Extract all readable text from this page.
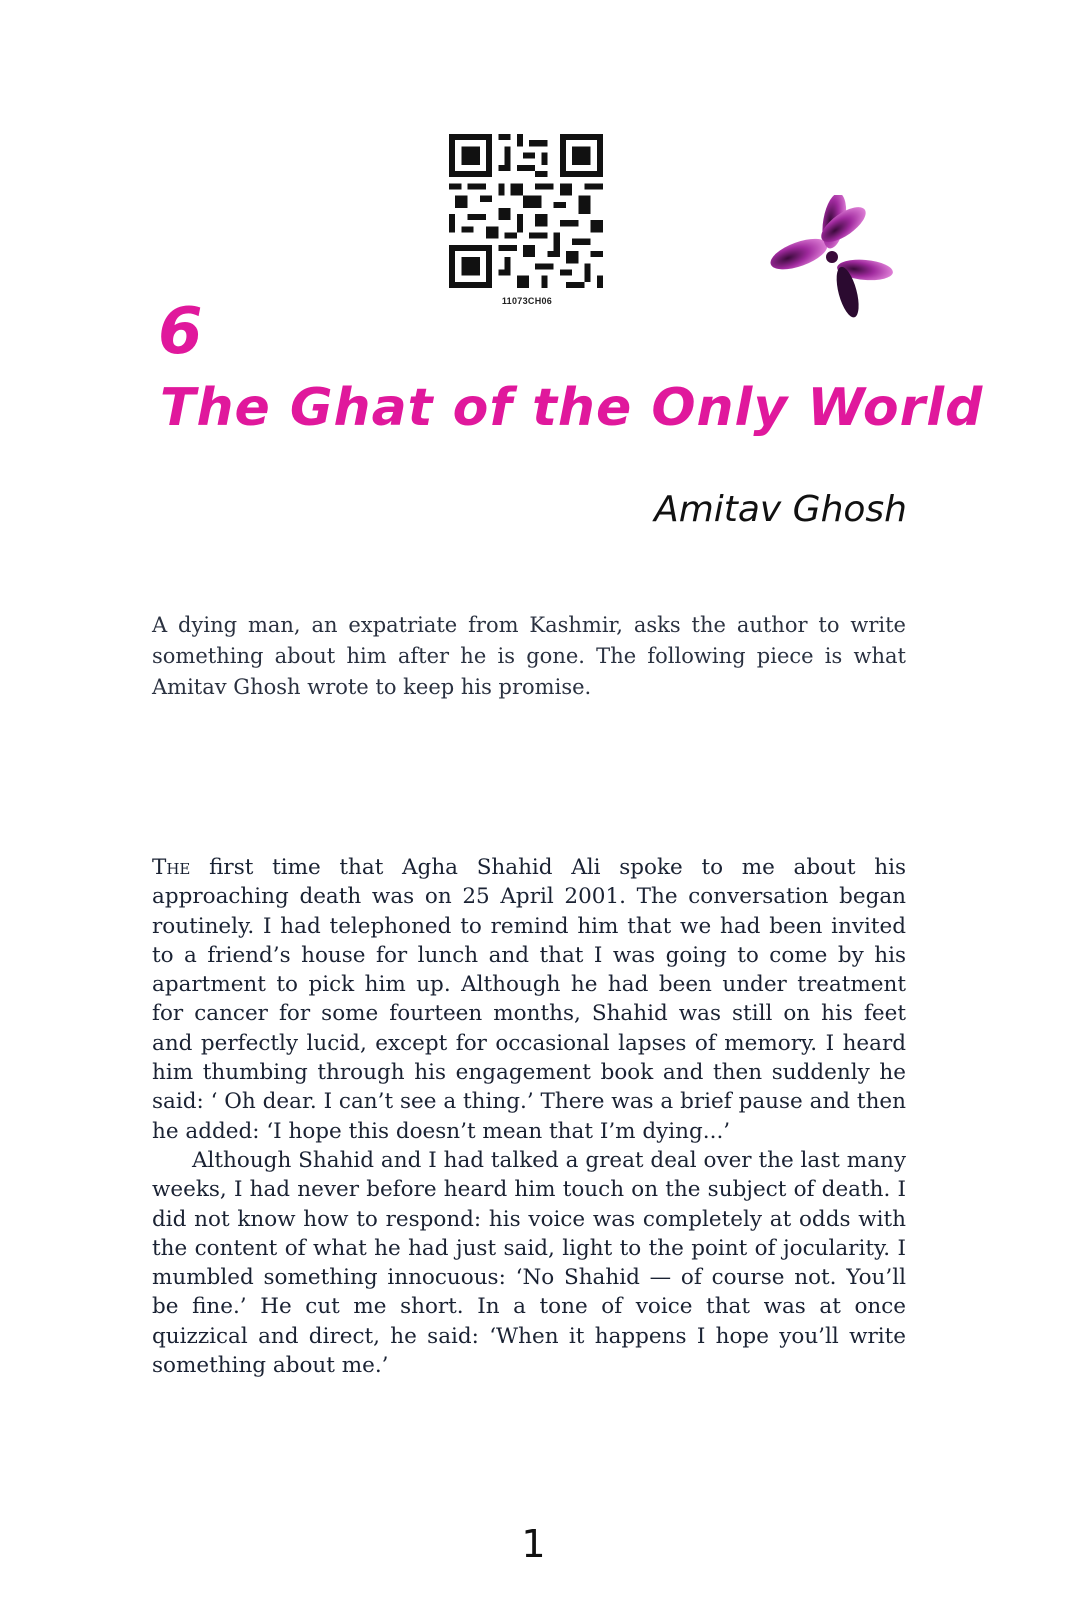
11073CH06
6
The Ghat of the Only World
Amitav Ghosh

A dying man, an expatriate from Kashmir, asks the author to write something about him after he is gone. The following piece is what Amitav Ghosh wrote to keep his promise.

The first time that Agha Shahid Ali spoke to me about his approaching death was on 25 April 2001. The conversation began routinely. I had telephoned to remind him that we had been invited to a friend’s house for lunch and that I was going to come by his apartment to pick him up. Although he had been under treatment for cancer for some fourteen months, Shahid was still on his feet and perfectly lucid, except for occasional lapses of memory. I heard him thumbing through his engagement book and then suddenly he said: ‘ Oh dear. I can’t see a thing.’ There was a brief pause and then he added: ‘I hope this doesn’t mean that I’m dying...’

Although Shahid and I had talked a great deal over the last many weeks, I had never before heard him touch on the subject of death. I did not know how to respond: his voice was completely at odds with the content of what he had just said, light to the point of jocularity. I mumbled something innocuous: ‘No Shahid — of course not. You’ll be fine.’ He cut me short. In a tone of voice that was at once quizzical and direct, he said: ‘When it happens I hope you’ll write something about me.’

1
